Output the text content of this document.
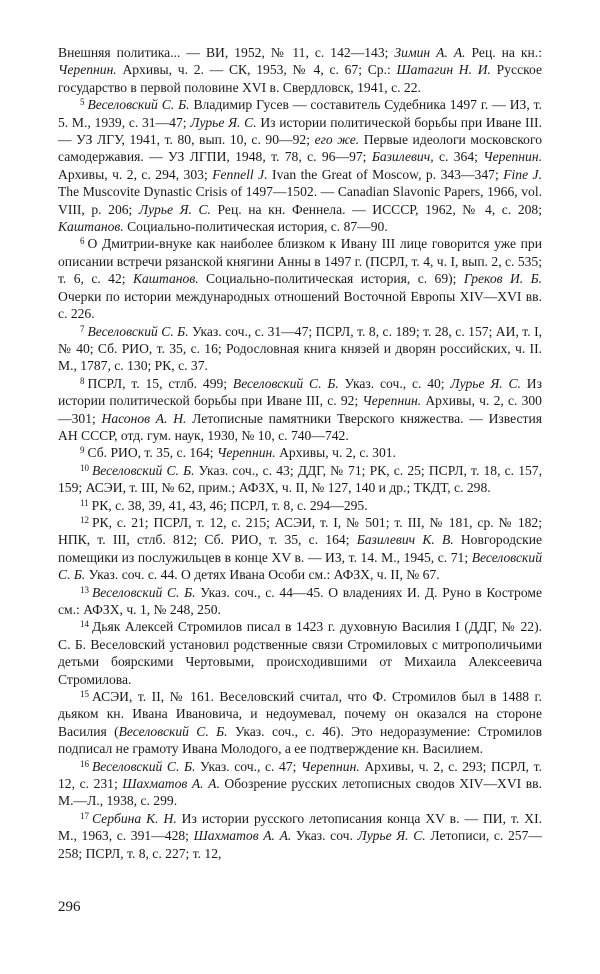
Внешняя политика... — ВИ, 1952, № 11, с. 142—143; Зимин А. А. Рец. на кн.: Черепнин. Архивы, ч. 2. — СК, 1953, № 4, с. 67; Ср.: Шатагин Н. И. Русское государство в первой половине XVI в. Свердловск, 1941, с. 22.

$^5$ Веселовский С. Б. Владимир Гусев — составитель Судебника 1497 г. — ИЗ, т. 5. М., 1939, с. 31—47; Лурье Я. С. Из истории политической борьбы при Иване III. — УЗ ЛГУ, 1941, т. 80, вып. 10, с. 90—92; его же. Первые идеологи московского самодержавия. — УЗ ЛГПИ, 1948, т. 78, с. 96—97; Базилевич, с. 364; Черепнин. Архивы, ч. 2, с. 294, 303; Fennell J. Ivan the Great of Moscow, p. 343—347; Fine J. The Muscovite Dynastic Crisis of 1497—1502. — Canadian Slavonic Papers, 1966, vol. VIII, p. 206; Лурье Я. С. Рец. на кн. Феннела. — ИССCР, 1962, № 4, с. 208; Каштанов. Социально-политическая история, с. 87—90.

$^6$ О Дмитрии-внуке как наиболее близком к Ивану III лице говорится уже при описании встречи рязанской княгини Анны в 1497 г. (ПСРЛ, т. 4, ч. I, вып. 2, с. 535; т. 6, с. 42; Каштанов. Социально-политическая история, с. 69); Греков И. Б. Очерки по истории международных отношений Восточной Европы XIV—XVI вв. с. 226.

$^7$ Веселовский С. Б. Указ. соч., с. 31—47; ПСРЛ, т. 8, с. 189; т. 28, с. 157; АИ, т. I, № 40; Сб. РИО, т. 35, с. 16; Родословная книга князей и дворян российских, ч. II. М., 1787, с. 130; РК, с. 37.

$^8$ ПСРЛ, т. 15, стлб. 499; Веселовский С. Б. Указ. соч., с. 40; Лурье Я. С. Из истории политической борьбы при Иване III, с. 92; Черепнин. Архивы, ч. 2, с. 300—301; Насонов А. Н. Летописные памятники Тверского княжества. — Известия АН СССР, отд. гум. наук, 1930, № 10, с. 740—742.

$^9$ Сб. РИО, т. 35, с. 164; Черепнин. Архивы, ч. 2, с. 301.

$^{10}$ Веселовский С. Б. Указ. соч., с. 43; ДДГ, № 71; РК, с. 25; ПСРЛ, т. 18, с. 157, 159; АСЭИ, т. III, № 62, прим.; АФЗХ, ч. II, № 127, 140 и др.; ТКДТ, с. 298.

$^{11}$ РК, с. 38, 39, 41, 43, 46; ПСРЛ, т. 8, с. 294—295.

$^{12}$ РК, с. 21; ПСРЛ, т. 12, с. 215; АСЭИ, т. I, № 501; т. III, № 181, ср. № 182; НПК, т. III, стлб. 812; Сб. РИО, т. 35, с. 164; Базилевич К. В. Новгородские помещики из послужильцев в конце XV в. — ИЗ, т. 14. М., 1945, с. 71; Веселовский С. Б. Указ. соч. с. 44. О детях Ивана Особи см.: АФЗХ, ч. II, № 67.

$^{13}$ Веселовский С. Б. Указ. соч., с. 44—45. О владениях И. Д. Руно в Костроме см.: АФЗХ, ч. 1, № 248, 250.

$^{14}$ Дьяк Алексей Стромилов писал в 1423 г. духовную Василия I (ДДГ, № 22). С. Б. Веселовский установил родственные связи Стромиловых с митрополичьими детьми боярскими Чертовыми, происходившими от Михаила Алексеевича Стромилова.

$^{15}$ АСЭИ, т. II, № 161. Веселовский считал, что Ф. Стромилов был в 1488 г. дьяком кн. Ивана Ивановича, и недоумевал, почему он оказался на стороне Василия (Веселовский С. Б. Указ. соч., с. 46). Это недоразумение: Стромилов подписал не грамоту Ивана Молодого, а ее подтверждение кн. Василием.

$^{16}$ Веселовский С. Б. Указ. соч., с. 47; Черепнин. Архивы, ч. 2, с. 293; ПСРЛ, т. 12, с. 231; Шахматов А. А. Обозрение русских летописных сводов XIV—XVI вв. М.—Л., 1938, с. 299.

$^{17}$ Сербина К. Н. Из истории русского летописания конца XV в. — ПИ, т. XI. М., 1963, с. 391—428; Шахматов А. А. Указ. соч. Лурье Я. С. Летописи, с. 257—258; ПСРЛ, т. 8, с. 227; т. 12,

296
